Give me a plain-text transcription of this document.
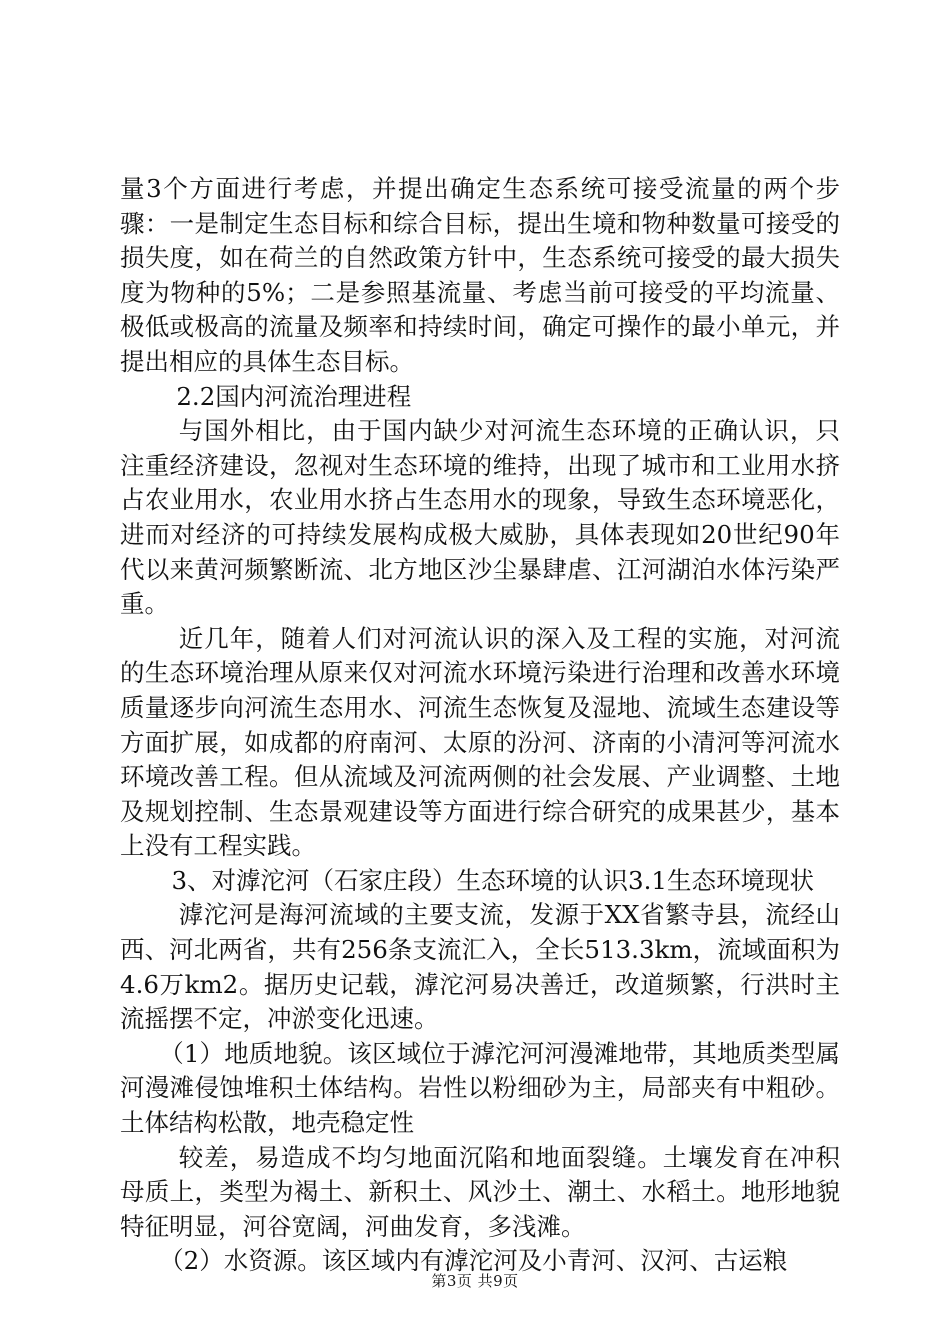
量3个方面进行考虑，并提出确定生态系统可接受流量的两个步骤：一是制定生态目标和综合目标，提出生境和物种数量可接受的损失度，如在荷兰的自然政策方针中，生态系统可接受的最大损失度为物种的5%；二是参照基流量、考虑当前可接受的平均流量、极低或极高的流量及频率和持续时间，确定可操作的最小单元，并提出相应的具体生态目标。

2.2国内河流治理进程

与国外相比，由于国内缺少对河流生态环境的正确认识，只注重经济建设，忽视对生态环境的维持，出现了城市和工业用水挤占农业用水，农业用水挤占生态用水的现象，导致生态环境恶化，进而对经济的可持续发展构成极大威胁，具体表现如20世纪90年代以来黄河频繁断流、北方地区沙尘暴肆虐、江河湖泊水体污染严重。

近几年，随着人们对河流认识的深入及工程的实施，对河流的生态环境治理从原来仅对河流水环境污染进行治理和改善水环境质量逐步向河流生态用水、河流生态恢复及湿地、流域生态建设等方面扩展，如成都的府南河、太原的汾河、济南的小清河等河流水环境改善工程。但从流域及河流两侧的社会发展、产业调整、土地及规划控制、生态景观建设等方面进行综合研究的成果甚少，基本上没有工程实践。

3、对滹沱河（石家庄段）生态环境的认识3.1生态环境现状

滹沱河是海河流域的主要支流，发源于XX省繁寺县，流经山西、河北两省，共有256条支流汇入，全长513.3km，流域面积为4.6万km2。据历史记载，滹沱河易决善迁，改道频繁，行洪时主流摇摆不定，冲淤变化迅速。

（1）地质地貌。该区域位于滹沱河河漫滩地带，其地质类型属河漫滩侵蚀堆积土体结构。岩性以粉细砂为主，局部夹有中粗砂。土体结构松散，地壳稳定性

较差，易造成不均匀地面沉陷和地面裂缝。土壤发育在冲积母质上，类型为褐土、新积土、风沙土、潮土、水稻土。地形地貌特征明显，河谷宽阔，河曲发育，多浅滩。

（2）水资源。该区域内有滹沱河及小青河、汉河、古运粮

第3页 共9页
